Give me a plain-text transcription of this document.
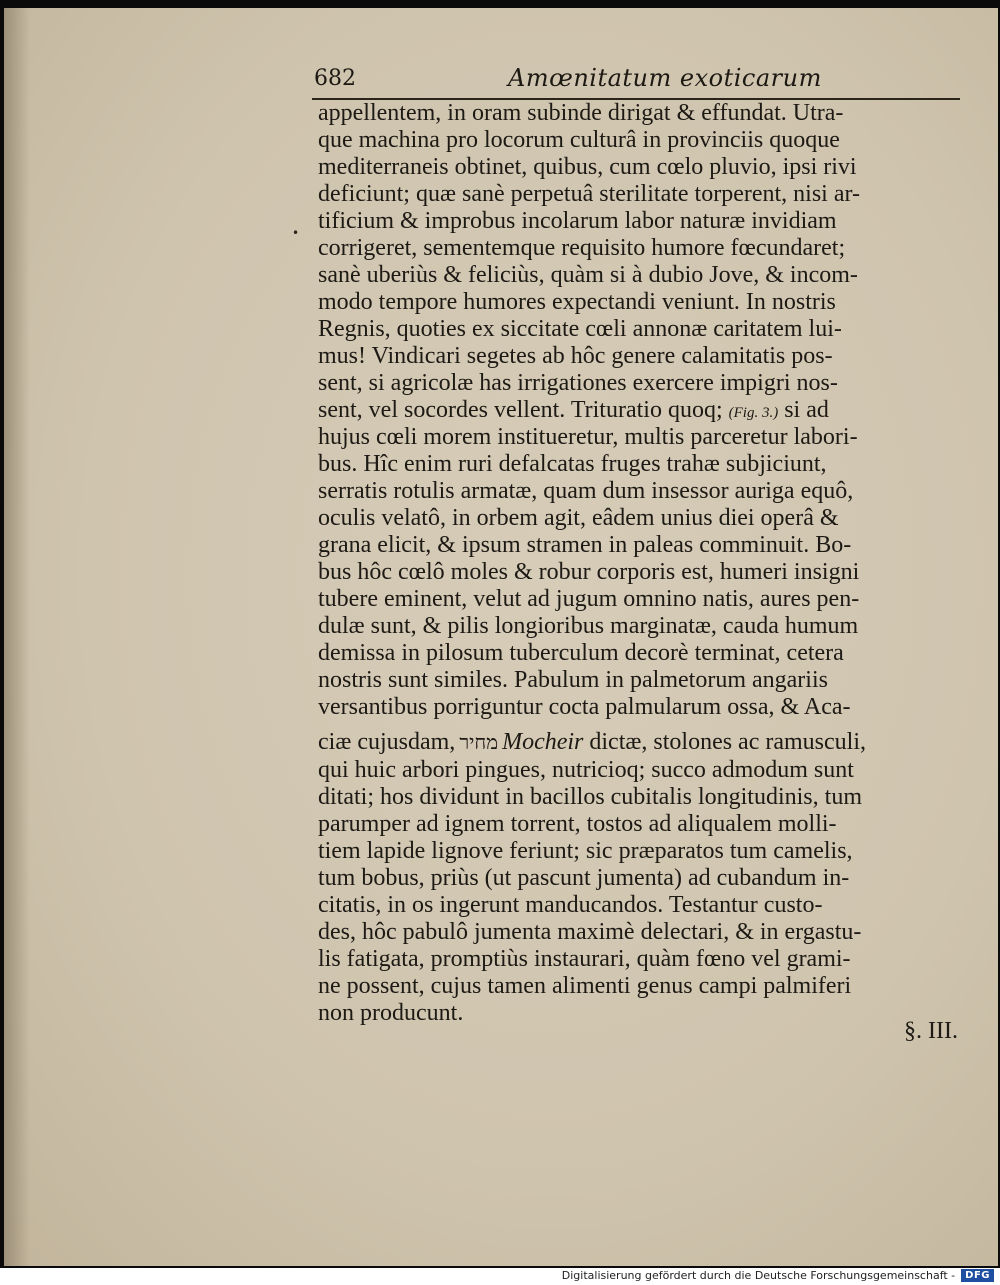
•
682	Amœnitatum exoticarum
appellentem, in oram subinde dirigat & effundat. Utra-
que machina pro locorum culturâ in provinciis quoque
mediterraneis obtinet, quibus, cum cœlo pluvio, ipsi rivi
deficiunt; quæ sanè perpetuâ sterilitate torperent, nisi ar-
tificium & improbus incolarum labor naturæ invidiam
corrigeret, sementemque requisito humore fœcundaret;
sanè uberiùs & feliciùs, quàm si à dubio Jove, & incom-
modo tempore humores expectandi veniunt. In nostris
Regnis, quoties ex siccitate cœli annonæ caritatem lui-
mus! Vindicari segetes ab hôc genere calamitatis pos-
sent, si agricolæ has irrigationes exercere impigri nos-
sent, vel socordes vellent. Trituratio quoq; (Fig. 3.) si ad
hujus cœli morem institueretur, multis parceretur labori-
bus. Hîc enim ruri defalcatas fruges trahæ subjiciunt,
serratis rotulis armatæ, quam dum insessor auriga equô,
oculis velatô, in orbem agit, eâdem unius diei operâ &
grana elicit, & ipsum stramen in paleas comminuit. Bo-
bus hôc cœlô moles & robur corporis est, humeri insigni
tubere eminent, velut ad jugum omnino natis, aures pen-
dulæ sunt, & pilis longioribus marginatæ, cauda humum
demissa in pilosum tuberculum decorè terminat, cetera
nostris sunt similes. Pabulum in palmetorum angariis
versantibus porriguntur cocta palmularum ossa, & Aca-
ciæ cujusdam, מחיר Mocheir dictæ, stolones ac ramusculi,
qui huic arbori pingues, nutricioq; succo admodum sunt
ditati; hos dividunt in bacillos cubitalis longitudinis, tum
parumper ad ignem torrent, tostos ad aliqualem molli-
tiem lapide lignove feriunt; sic præparatos tum camelis,
tum bobus, priùs (ut pascunt jumenta) ad cubandum in-
citatis, in os ingerunt manducandos. Testantur custo-
des, hôc pabulô jumenta maximè delectari, & in ergastu-
lis fatigata, promptiùs instaurari, quàm fœno vel grami-
ne possent, cujus tamen alimenti genus campi palmiferi
non producunt.
§. III.
Digitalisierung gefördert durch die Deutsche Forschungsgemeinschaft -	DFG
